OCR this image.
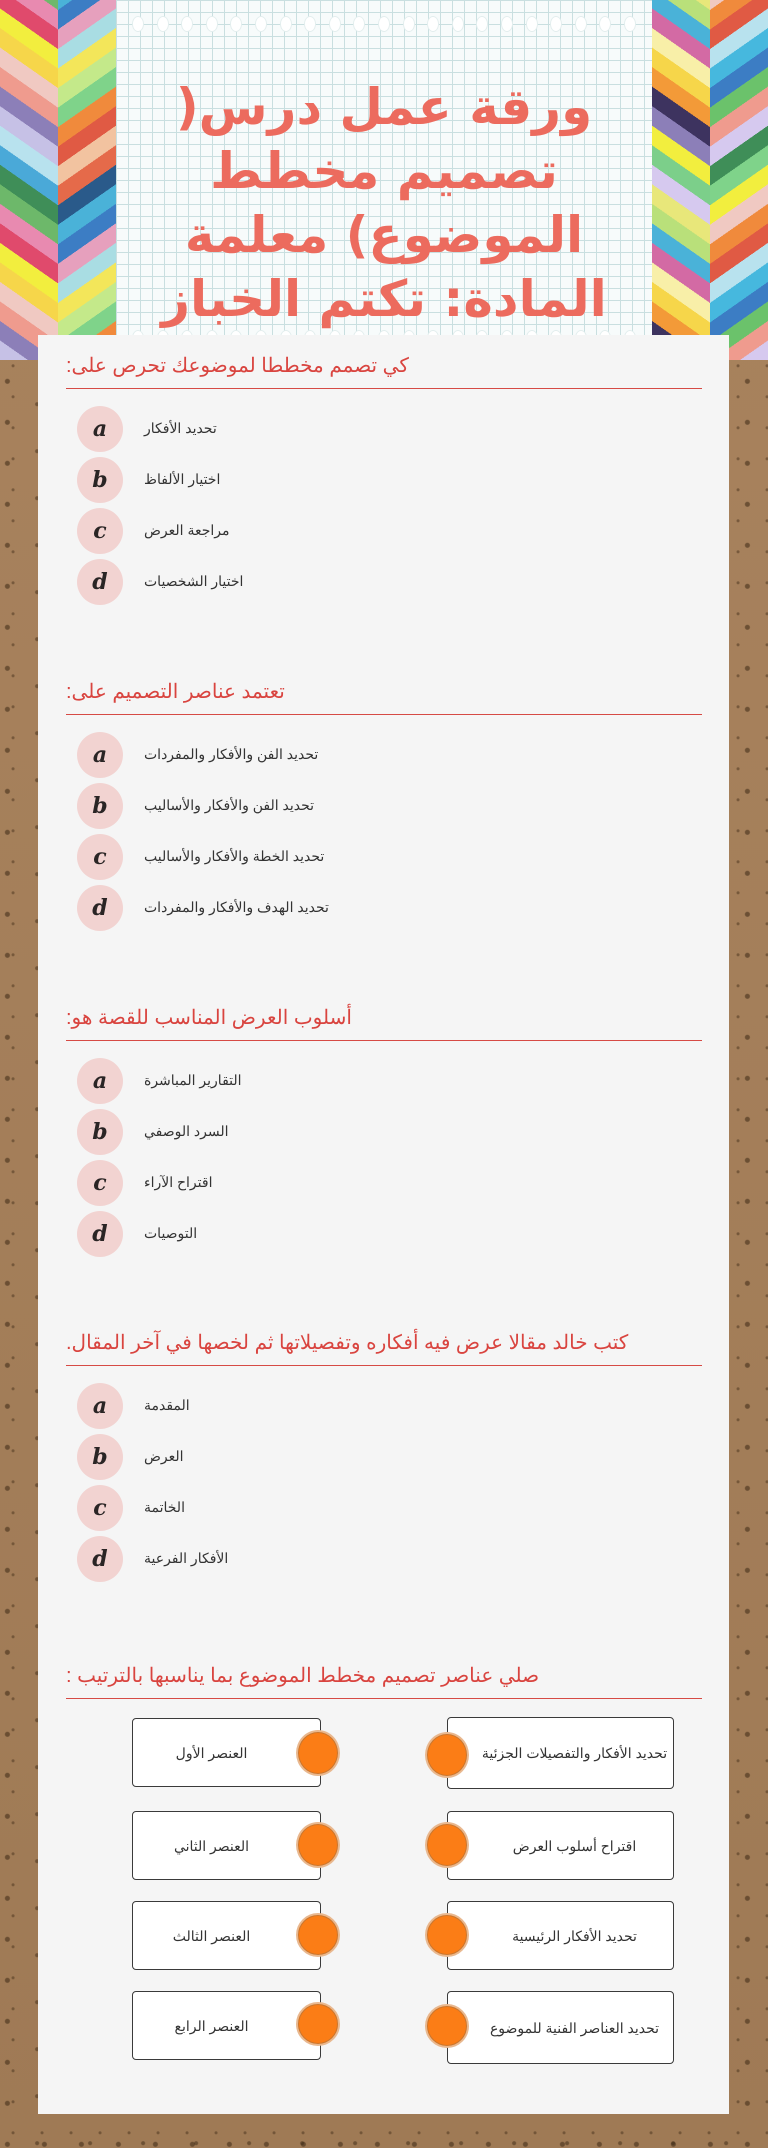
ورقة عمل درس( تصميم مخطط الموضوع) معلمة المادة: تكتم الخباز
كي تصمم مخططا لموضوعك تحرص على:
a	تحديد الأفكار
b	اختيار الألفاظ
c	مراجعة العرض
d	اختيار الشخصيات
تعتمد عناصر التصميم على:
a	تحديد الفن والأفكار والمفردات
b	تحديد الفن والأفكار والأساليب
c	تحديد الخطة والأفكار والأساليب
d	تحديد الهدف والأفكار والمفردات
أسلوب العرض المناسب للقصة هو:
a	التقارير المباشرة
b	السرد الوصفي
c	اقتراح الآراء
d	التوصيات
كتب خالد مقالا عرض فيه أفكاره وتفصيلاتها ثم لخصها في آخر المقال.
a	المقدمة
b	العرض
c	الخاتمة
d	الأفكار الفرعية
صلي عناصر تصميم مخطط الموضوع بما يناسبها بالترتيب :
العنصر الأول
العنصر الثاني
العنصر الثالث
العنصر الرابع
تحديد الأفكار والتفصيلات الجزئية
اقتراح أسلوب العرض
تحديد الأفكار الرئيسية
تحديد العناصر الفنية للموضوع
